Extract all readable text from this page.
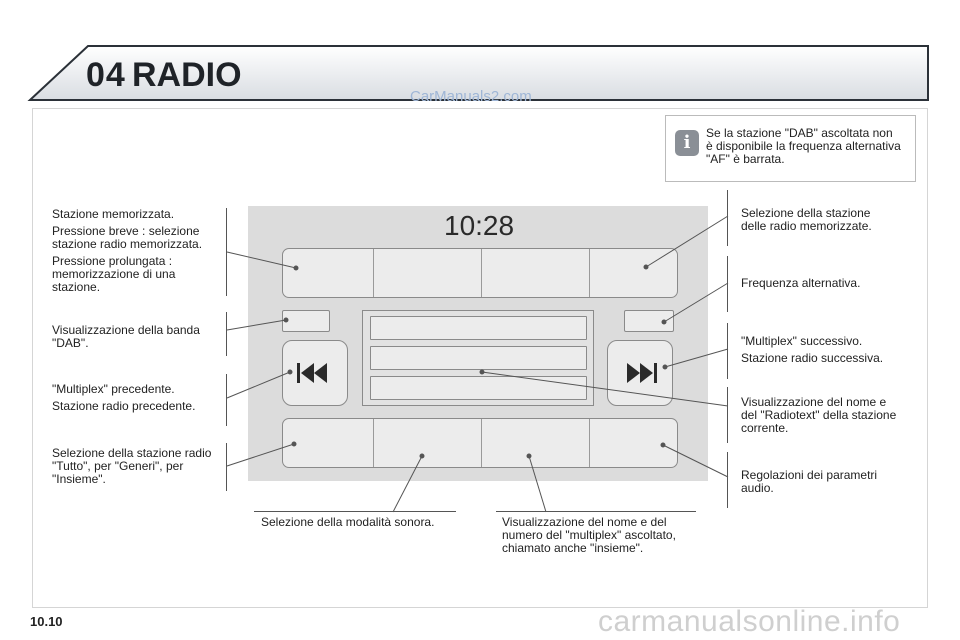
04 RADIO
CarManuals2.com
i	Se la stazione "DAB" ascoltata non è disponibile la frequenza alternativa "AF" è barrata.

Stazione memorizzata.

Pressione breve : selezione stazione radio memorizzata.

Pressione prolungata : memorizzazione di una stazione.

Visualizzazione della banda "DAB".

"Multiplex" precedente.

Stazione radio precedente.

Selezione della stazione radio "Tutto", per "Generi", per "Insieme".

Selezione della stazione delle radio memorizzate.

Frequenza alternativa.

"Multiplex" successivo.

Stazione radio successiva.

Visualizzazione del nome e del "Radiotext" della stazione corrente.

Regolazioni dei parametri audio.

Selezione della modalità sonora.	Visualizzazione del nome e del numero del "multiplex" ascoltato, chiamato anche "insieme".

10:28
10.10	carmanualsonline.info
